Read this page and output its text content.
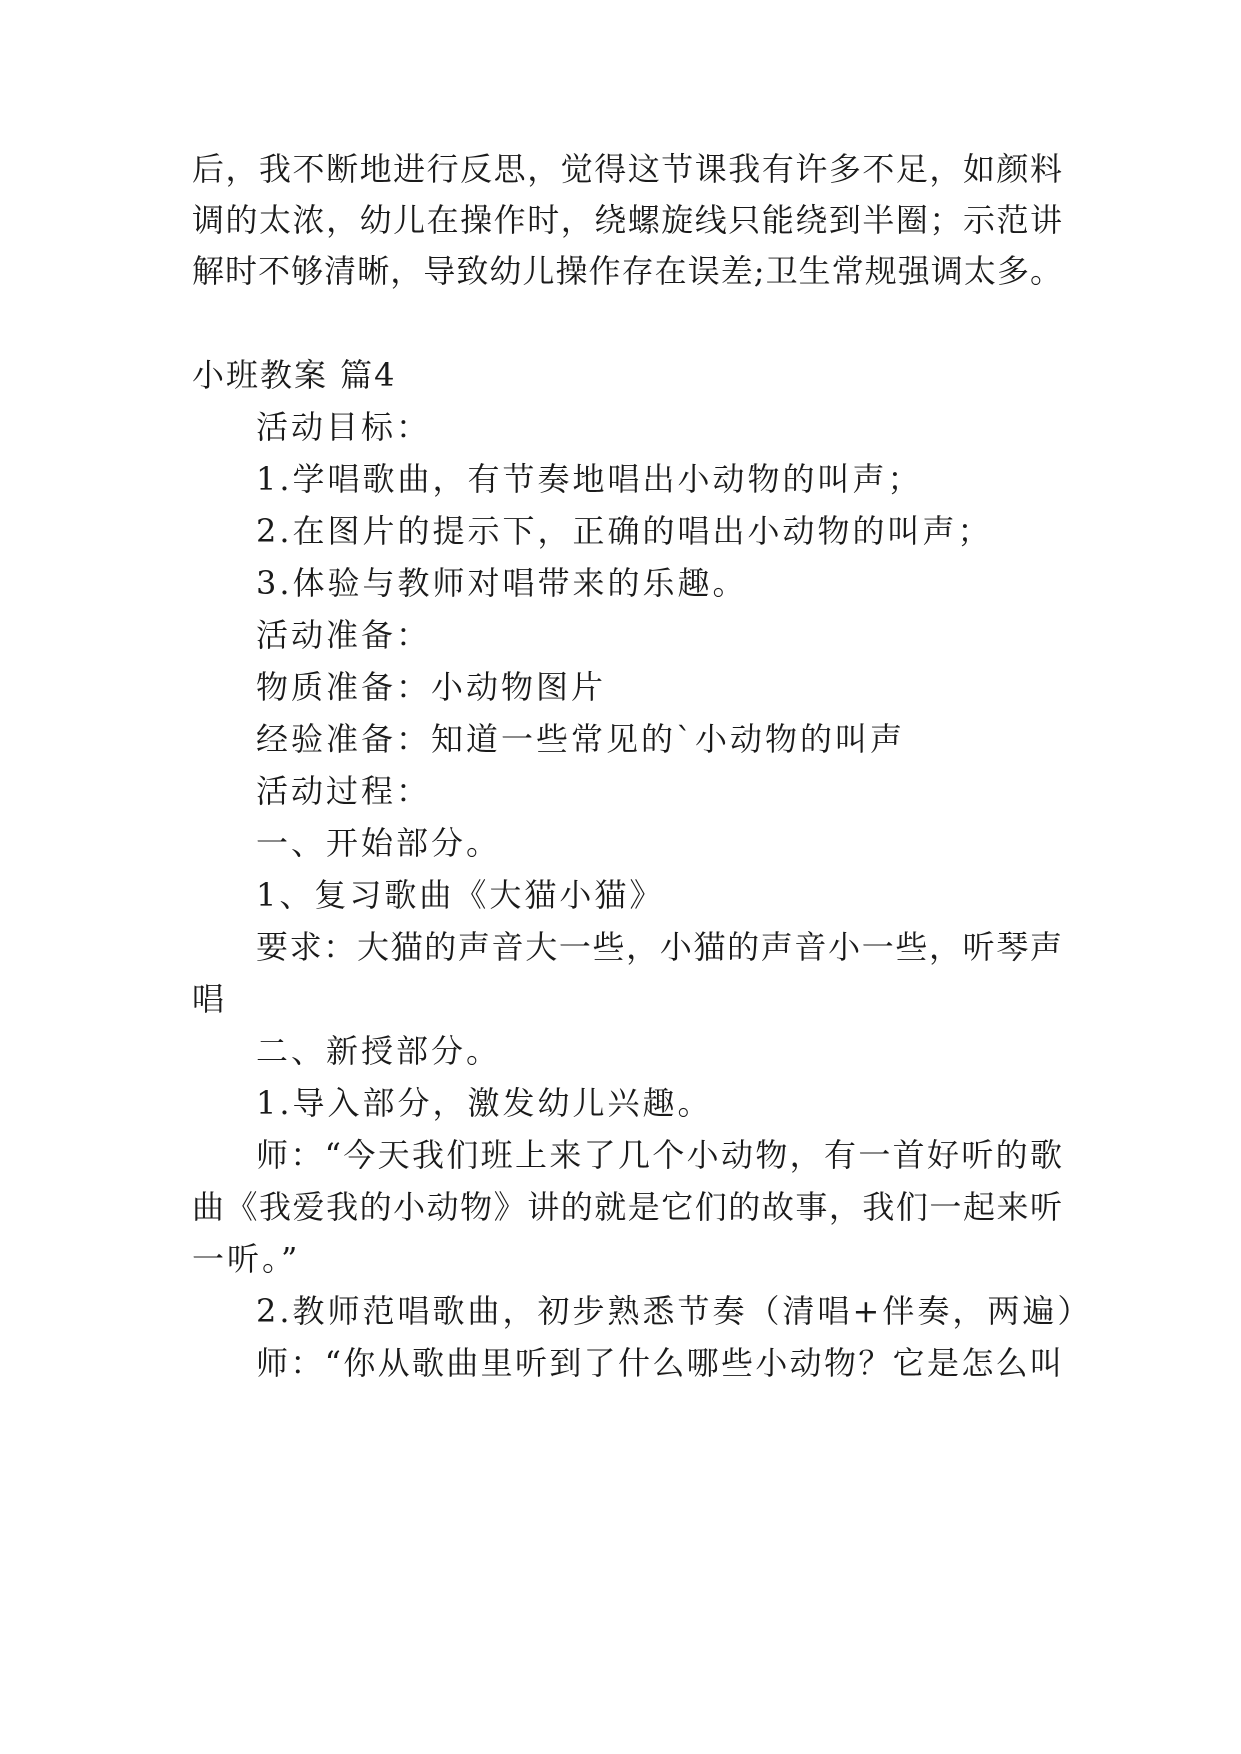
后，我不断地进行反思，觉得这节课我有许多不足，如颜料
调的太浓，幼儿在操作时，绕螺旋线只能绕到半圈；示范讲
解时不够清晰，导致幼儿操作存在误差;卫生常规强调太多。
小班教案 篇4
活动目标：
1.学唱歌曲，有节奏地唱出小动物的叫声；
2.在图片的提示下，正确的唱出小动物的叫声；
3.体验与教师对唱带来的乐趣。
活动准备：
物质准备：小动物图片
经验准备：知道一些常见的`小动物的叫声
活动过程：
一、开始部分。
1、复习歌曲《大猫小猫》
要求：大猫的声音大一些，小猫的声音小一些，听琴声
唱
二、新授部分。
1.导入部分，激发幼儿兴趣。
师：“今天我们班上来了几个小动物，有一首好听的歌
曲《我爱我的小动物》讲的就是它们的故事，我们一起来听
一听。”
2.教师范唱歌曲，初步熟悉节奏（清唱+伴奏，两遍）
师：“你从歌曲里听到了什么哪些小动物？它是怎么叫
